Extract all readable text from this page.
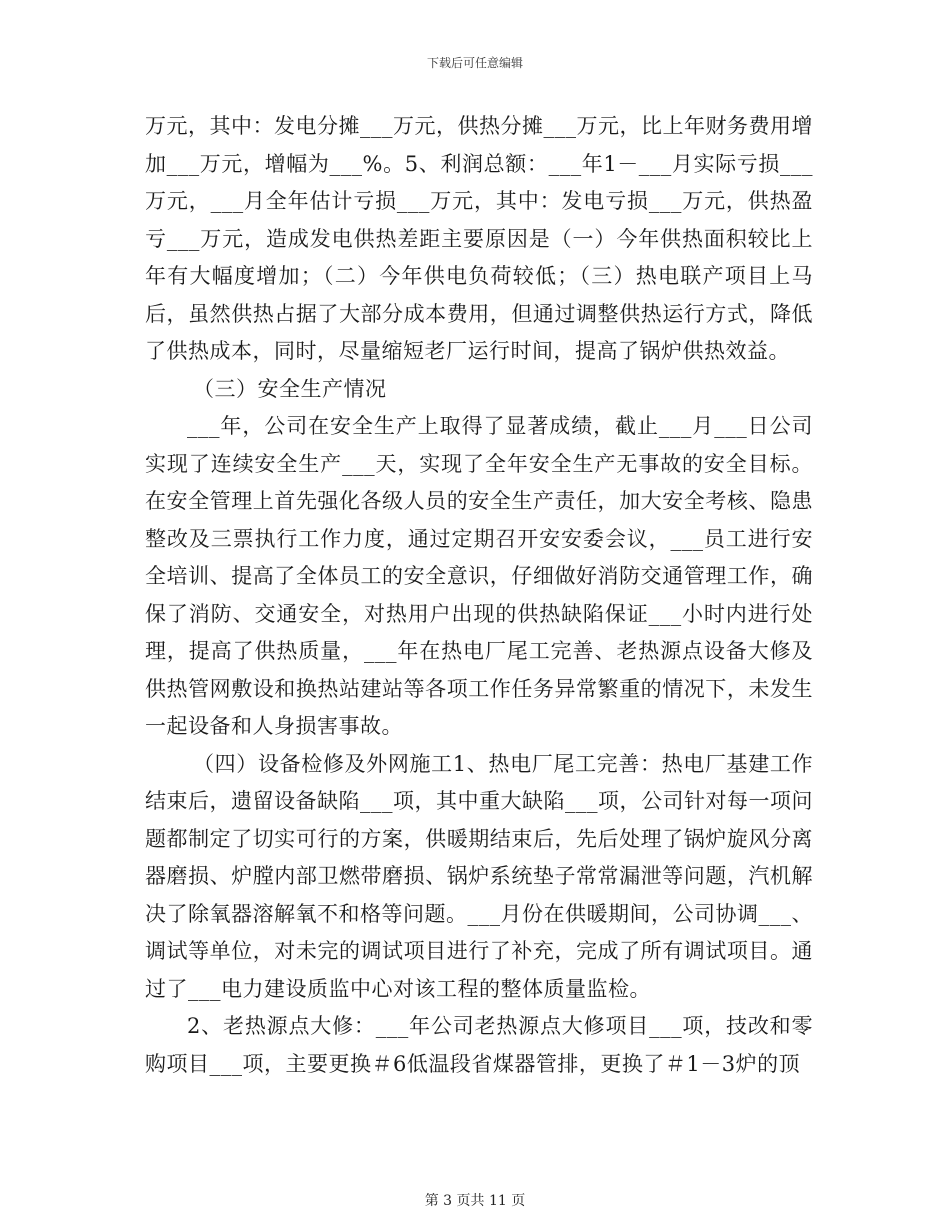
下载后可任意编辑

万元，其中：发电分摊___万元，供热分摊___万元，比上年财务费用增加___万元，增幅为___%。5、利润总额：___年1－___月实际亏损___万元，___月全年估计亏损___万元，其中：发电亏损___万元，供热盈亏___万元，造成发电供热差距主要原因是（一）今年供热面积较比上年有大幅度增加；（二）今年供电负荷较低；（三）热电联产项目上马后，虽然供热占据了大部分成本费用，但通过调整供热运行方式，降低了供热成本，同时，尽量缩短老厂运行时间，提高了锅炉供热效益。

（三）安全生产情况

___年，公司在安全生产上取得了显著成绩，截止___月___日公司实现了连续安全生产___天，实现了全年安全生产无事故的安全目标。在安全管理上首先强化各级人员的安全生产责任，加大安全考核、隐患整改及三票执行工作力度，通过定期召开安安委会议，___员工进行安全培训、提高了全体员工的安全意识，仔细做好消防交通管理工作，确保了消防、交通安全，对热用户出现的供热缺陷保证___小时内进行处理，提高了供热质量，___年在热电厂尾工完善、老热源点设备大修及供热管网敷设和换热站建站等各项工作任务异常繁重的情况下，未发生一起设备和人身损害事故。

（四）设备检修及外网施工1、热电厂尾工完善：热电厂基建工作结束后，遗留设备缺陷___项，其中重大缺陷___项，公司针对每一项问题都制定了切实可行的方案，供暖期结束后，先后处理了锅炉旋风分离器磨损、炉膛内部卫燃带磨损、锅炉系统垫子常常漏泄等问题，汽机解决了除氧器溶解氧不和格等问题。___月份在供暖期间，公司协调___、调试等单位，对未完的调试项目进行了补充，完成了所有调试项目。通过了___电力建设质监中心对该工程的整体质量监检。

2、老热源点大修：___年公司老热源点大修项目___项，技改和零购项目___项，主要更换＃6低温段省煤器管排，更换了＃1－3炉的顶

第 3 页共 11 页
